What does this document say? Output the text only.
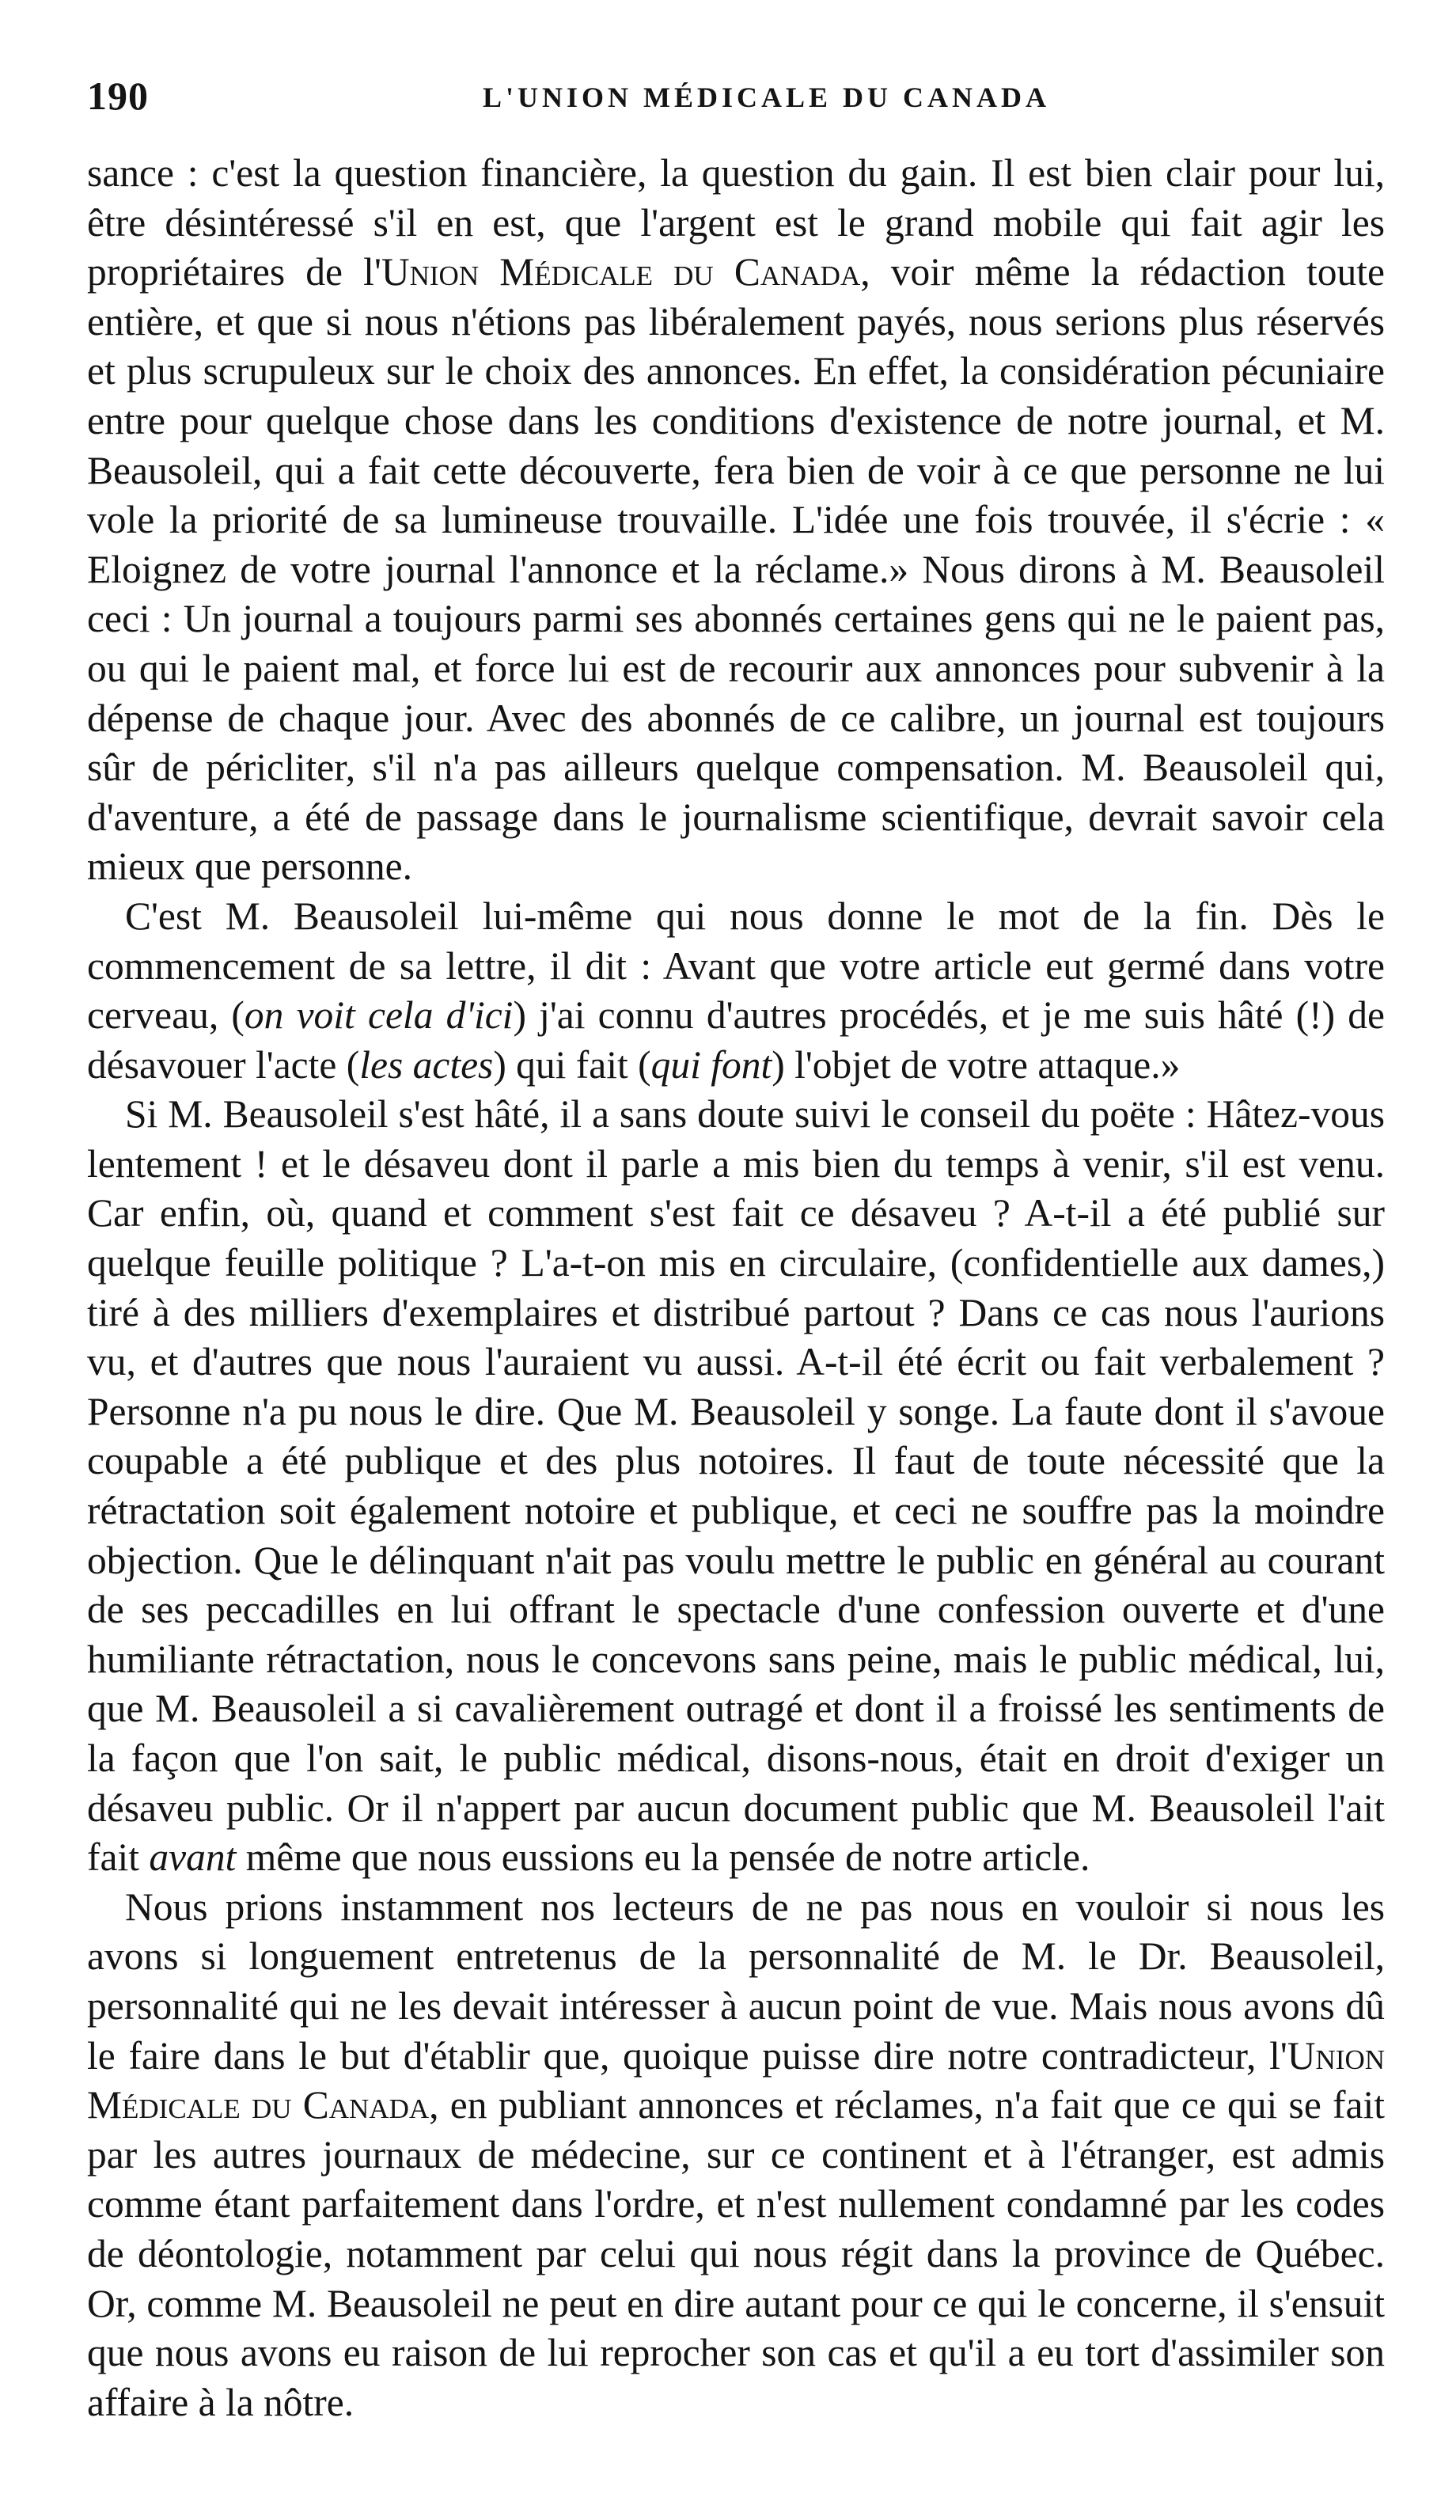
190	L'UNION MÉDICALE DU CANADA

sance : c'est la question financière, la question du gain. Il est bien clair pour lui, être désintéressé s'il en est, que l'argent est le grand mobile qui fait agir les propriétaires de l'Union Médicale du Canada, voir même la rédaction toute entière, et que si nous n'étions pas libéralement payés, nous serions plus réservés et plus scrupuleux sur le choix des annonces. En effet, la considération pécuniaire entre pour quelque chose dans les conditions d'existence de notre journal, et M. Beausoleil, qui a fait cette découverte, fera bien de voir à ce que personne ne lui vole la priorité de sa lumineuse trouvaille. L'idée une fois trouvée, il s'écrie : « Eloignez de votre journal l'annonce et la réclame.» Nous dirons à M. Beausoleil ceci : Un journal a toujours parmi ses abonnés certaines gens qui ne le paient pas, ou qui le paient mal, et force lui est de recourir aux annonces pour subvenir à la dépense de chaque jour. Avec des abonnés de ce calibre, un journal est toujours sûr de péricliter, s'il n'a pas ailleurs quelque compensation. M. Beausoleil qui, d'aventure, a été de passage dans le journalisme scientifique, devrait savoir cela mieux que personne.

C'est M. Beausoleil lui-même qui nous donne le mot de la fin. Dès le commencement de sa lettre, il dit : Avant que votre article eut germé dans votre cerveau, (on voit cela d'ici) j'ai connu d'autres procédés, et je me suis hâté (!) de désavouer l'acte (les actes) qui fait (qui font) l'objet de votre attaque.»

Si M. Beausoleil s'est hâté, il a sans doute suivi le conseil du poëte : Hâtez-vous lentement ! et le désaveu dont il parle a mis bien du temps à venir, s'il est venu. Car enfin, où, quand et comment s'est fait ce désaveu ? A-t-il a été publié sur quelque feuille politique ? L'a-t-on mis en circulaire, (confidentielle aux dames,) tiré à des milliers d'exemplaires et distribué partout ? Dans ce cas nous l'aurions vu, et d'autres que nous l'auraient vu aussi. A-t-il été écrit ou fait verbalement ? Personne n'a pu nous le dire. Que M. Beausoleil y songe. La faute dont il s'avoue coupable a été publique et des plus notoires. Il faut de toute nécessité que la rétractation soit également notoire et publique, et ceci ne souffre pas la moindre objection. Que le délinquant n'ait pas voulu mettre le public en général au courant de ses peccadilles en lui offrant le spectacle d'une confession ouverte et d'une humiliante rétractation, nous le concevons sans peine, mais le public médical, lui, que M. Beausoleil a si cavalièrement outragé et dont il a froissé les sentiments de la façon que l'on sait, le public médical, disons-nous, était en droit d'exiger un désaveu public. Or il n'appert par aucun document public que M. Beausoleil l'ait fait avant même que nous eussions eu la pensée de notre article.

Nous prions instamment nos lecteurs de ne pas nous en vouloir si nous les avons si longuement entretenus de la personnalité de M. le Dr. Beausoleil, personnalité qui ne les devait intéresser à aucun point de vue. Mais nous avons dû le faire dans le but d'établir que, quoique puisse dire notre contradicteur, l'Union Médicale du Canada, en publiant annonces et réclames, n'a fait que ce qui se fait par les autres journaux de médecine, sur ce continent et à l'étranger, est admis comme étant parfaitement dans l'ordre, et n'est nullement condamné par les codes de déontologie, notamment par celui qui nous régit dans la province de Québec. Or, comme M. Beausoleil ne peut en dire autant pour ce qui le concerne, il s'ensuit que nous avons eu raison de lui reprocher son cas et qu'il a eu tort d'assimiler son affaire à la nôtre.
